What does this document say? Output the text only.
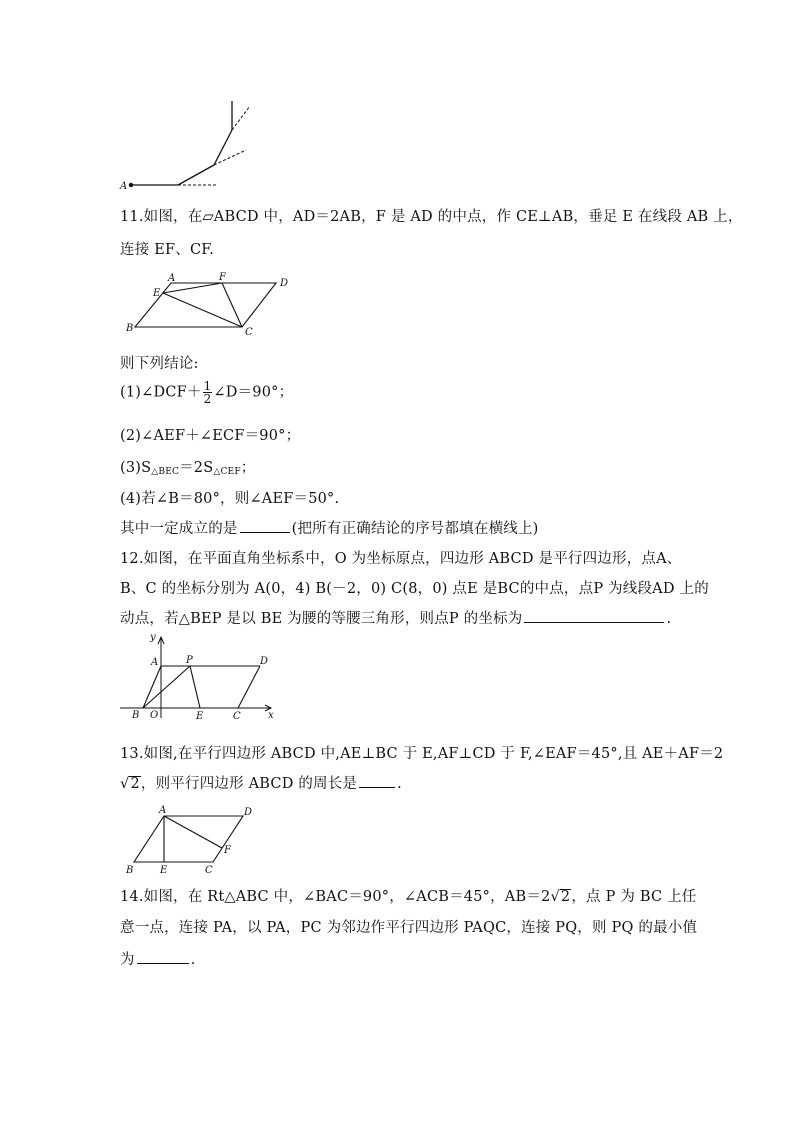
A
11.如图，在▱ABCD 中，AD＝2AB，F 是 AD 的中点，作 CE⊥AB，垂足 E 在线段 AB 上，
连接 EF、CF.
A	F
D
E
B	C
则下列结论:
(1)∠DCF＋ $\frac{1}{2}$ ∠D＝90°；
(2)∠AEF＋∠ECF＝90°；
$(3)S_{\triangle BEC}=2S_{\triangle CEF}$；
(4)若∠B＝80°，则∠AEF＝50°.
其中一定成立的是	(把所有正确结论的序号都填在横线上)
12.如图，在平面直角坐标系中，O 为坐标原点，四边形 ABCD 是平行四边形，点A、
B、C 的坐标分别为 A(0，4) B(－2，0) C(8，0) 点E 是BC的中点，点P 为线段AD 上的
动点，若△BEP 是以 BE 为腰的等腰三角形，则点P 的坐标为	.
y
x
A	P	D
B O	E	C
13.如图,在平行四边形 ABCD 中,AE⊥BC 于 E,AF⊥CD 于 F,∠EAF＝45°,且 AE＋AF＝2
√2，则平行四边形 ABCD 的周长是	.
A	D
F
B	E	C
14.如图，在 Rt△ABC 中，∠BAC＝90°，∠ACB＝45°，AB＝2√2，点 P 为 BC 上任
意一点，连接 PA，以 PA，PC 为邻边作平行四边形 PAQC，连接 PQ，则 PQ 的最小值
为	.
